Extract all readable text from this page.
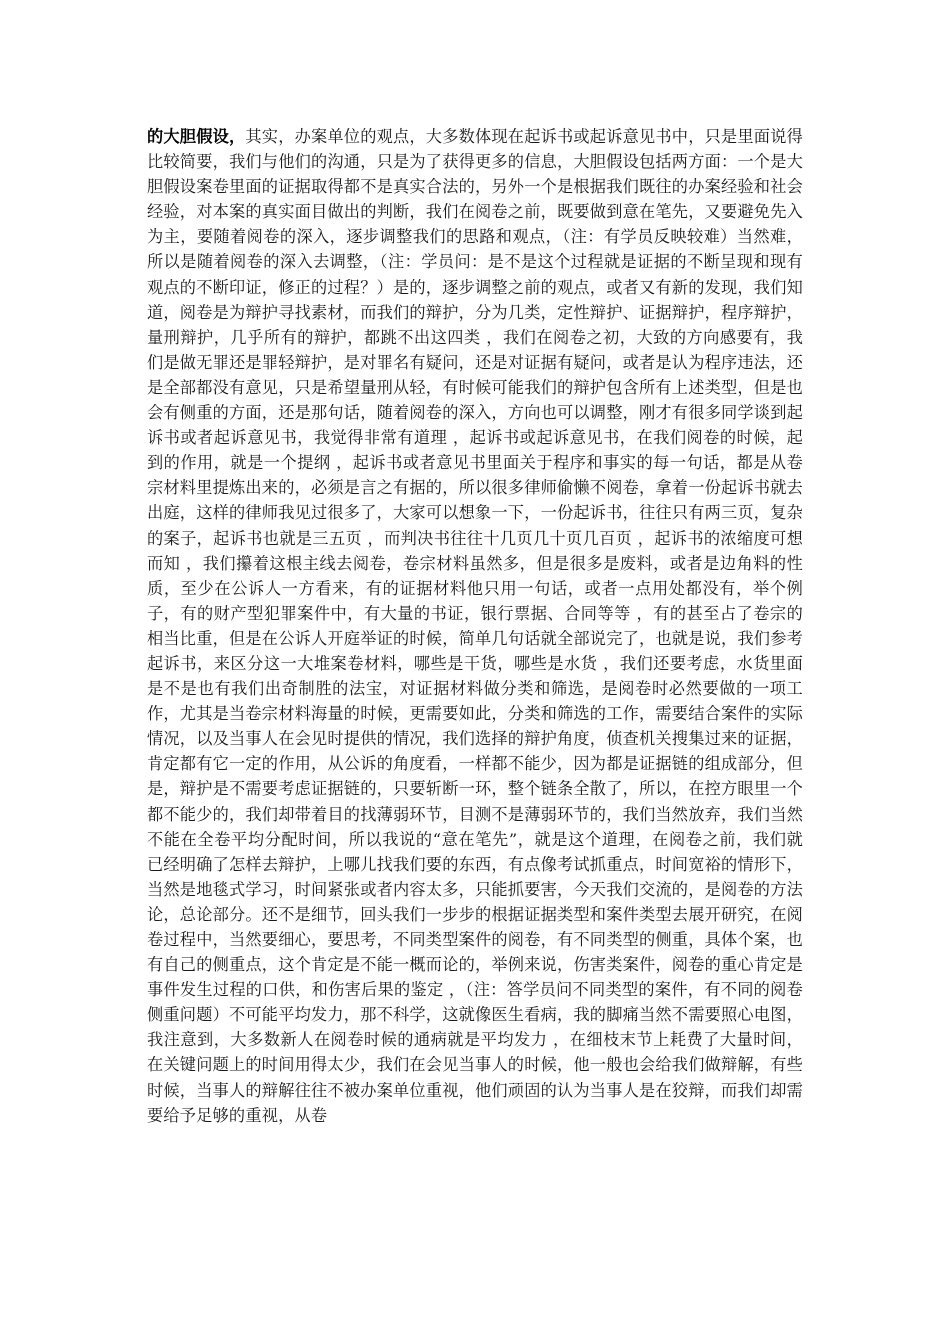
的大胆假设，其实，办案单位的观点，大多数体现在起诉书或起诉意见书中，只是里面说得比较简要，我们与他们的沟通，只是为了获得更多的信息，大胆假设包括两方面：一个是大胆假设案卷里面的证据取得都不是真实合法的，另外一个是根据我们既往的办案经验和社会经验，对本案的真实面目做出的判断，我们在阅卷之前，既要做到意在笔先，又要避免先入为主，要随着阅卷的深入，逐步调整我们的思路和观点，（注：有学员反映较难）当然难，所以是随着阅卷的深入去调整，（注：学员问：是不是这个过程就是证据的不断呈现和现有观点的不断印证，修正的过程？）是的，逐步调整之前的观点，或者又有新的发现，我们知道，阅卷是为辩护寻找素材，而我们的辩护，分为几类，定性辩护、证据辩护，程序辩护，量刑辩护，几乎所有的辩护，都跳不出这四类 ，我们在阅卷之初，大致的方向感要有，我们是做无罪还是罪轻辩护，是对罪名有疑问，还是对证据有疑问，或者是认为程序违法，还是全部都没有意见，只是希望量刑从轻，有时候可能我们的辩护包含所有上述类型，但是也会有侧重的方面，还是那句话，随着阅卷的深入，方向也可以调整，刚才有很多同学谈到起诉书或者起诉意见书，我觉得非常有道理 ，起诉书或起诉意见书，在我们阅卷的时候，起到的作用，就是一个提纲 ，起诉书或者意见书里面关于程序和事实的每一句话，都是从卷宗材料里提炼出来的，必须是言之有据的，所以很多律师偷懒不阅卷，拿着一份起诉书就去出庭，这样的律师我见过很多了，大家可以想象一下，一份起诉书，往往只有两三页，复杂的案子，起诉书也就是三五页 ，而判决书往往十几页几十页几百页 ，起诉书的浓缩度可想而知 ，我们攥着这根主线去阅卷，卷宗材料虽然多，但是很多是废料，或者是边角料的性质，至少在公诉人一方看来，有的证据材料他只用一句话，或者一点用处都没有，举个例子，有的财产型犯罪案件中，有大量的书证，银行票据、合同等等 ，有的甚至占了卷宗的相当比重，但是在公诉人开庭举证的时候，简单几句话就全部说完了，也就是说，我们参考起诉书，来区分这一大堆案卷材料，哪些是干货，哪些是水货 ，我们还要考虑，水货里面是不是也有我们出奇制胜的法宝，对证据材料做分类和筛选，是阅卷时必然要做的一项工作，尤其是当卷宗材料海量的时候，更需要如此，分类和筛选的工作，需要结合案件的实际情况，以及当事人在会见时提供的情况，我们选择的辩护角度，侦查机关搜集过来的证据，肯定都有它一定的作用，从公诉的角度看，一样都不能少，因为都是证据链的组成部分，但是，辩护是不需要考虑证据链的，只要斩断一环，整个链条全散了，所以，在控方眼里一个都不能少的，我们却带着目的找薄弱环节，目测不是薄弱环节的，我们当然放弃，我们当然不能在全卷平均分配时间，所以我说的“意在笔先”，就是这个道理，在阅卷之前，我们就已经明确了怎样去辩护，上哪儿找我们要的东西，有点像考试抓重点，时间宽裕的情形下，当然是地毯式学习，时间紧张或者内容太多，只能抓要害，今天我们交流的，是阅卷的方法论，总论部分。还不是细节，回头我们一步步的根据证据类型和案件类型去展开研究，在阅卷过程中，当然要细心，要思考，不同类型案件的阅卷，有不同类型的侧重，具体个案，也有自己的侧重点，这个肯定是不能一概而论的，举例来说，伤害类案件，阅卷的重心肯定是事件发生过程的口供，和伤害后果的鉴定 ，（注：答学员问不同类型的案件，有不同的阅卷侧重问题）不可能平均发力，那不科学，这就像医生看病，我的脚痛当然不需要照心电图，我注意到，大多数新人在阅卷时候的通病就是平均发力 ，在细枝末节上耗费了大量时间，在关键问题上的时间用得太少，我们在会见当事人的时候，他一般也会给我们做辩解，有些时候，当事人的辩解往往不被办案单位重视，他们顽固的认为当事人是在狡辩，而我们却需要给予足够的重视，从卷
